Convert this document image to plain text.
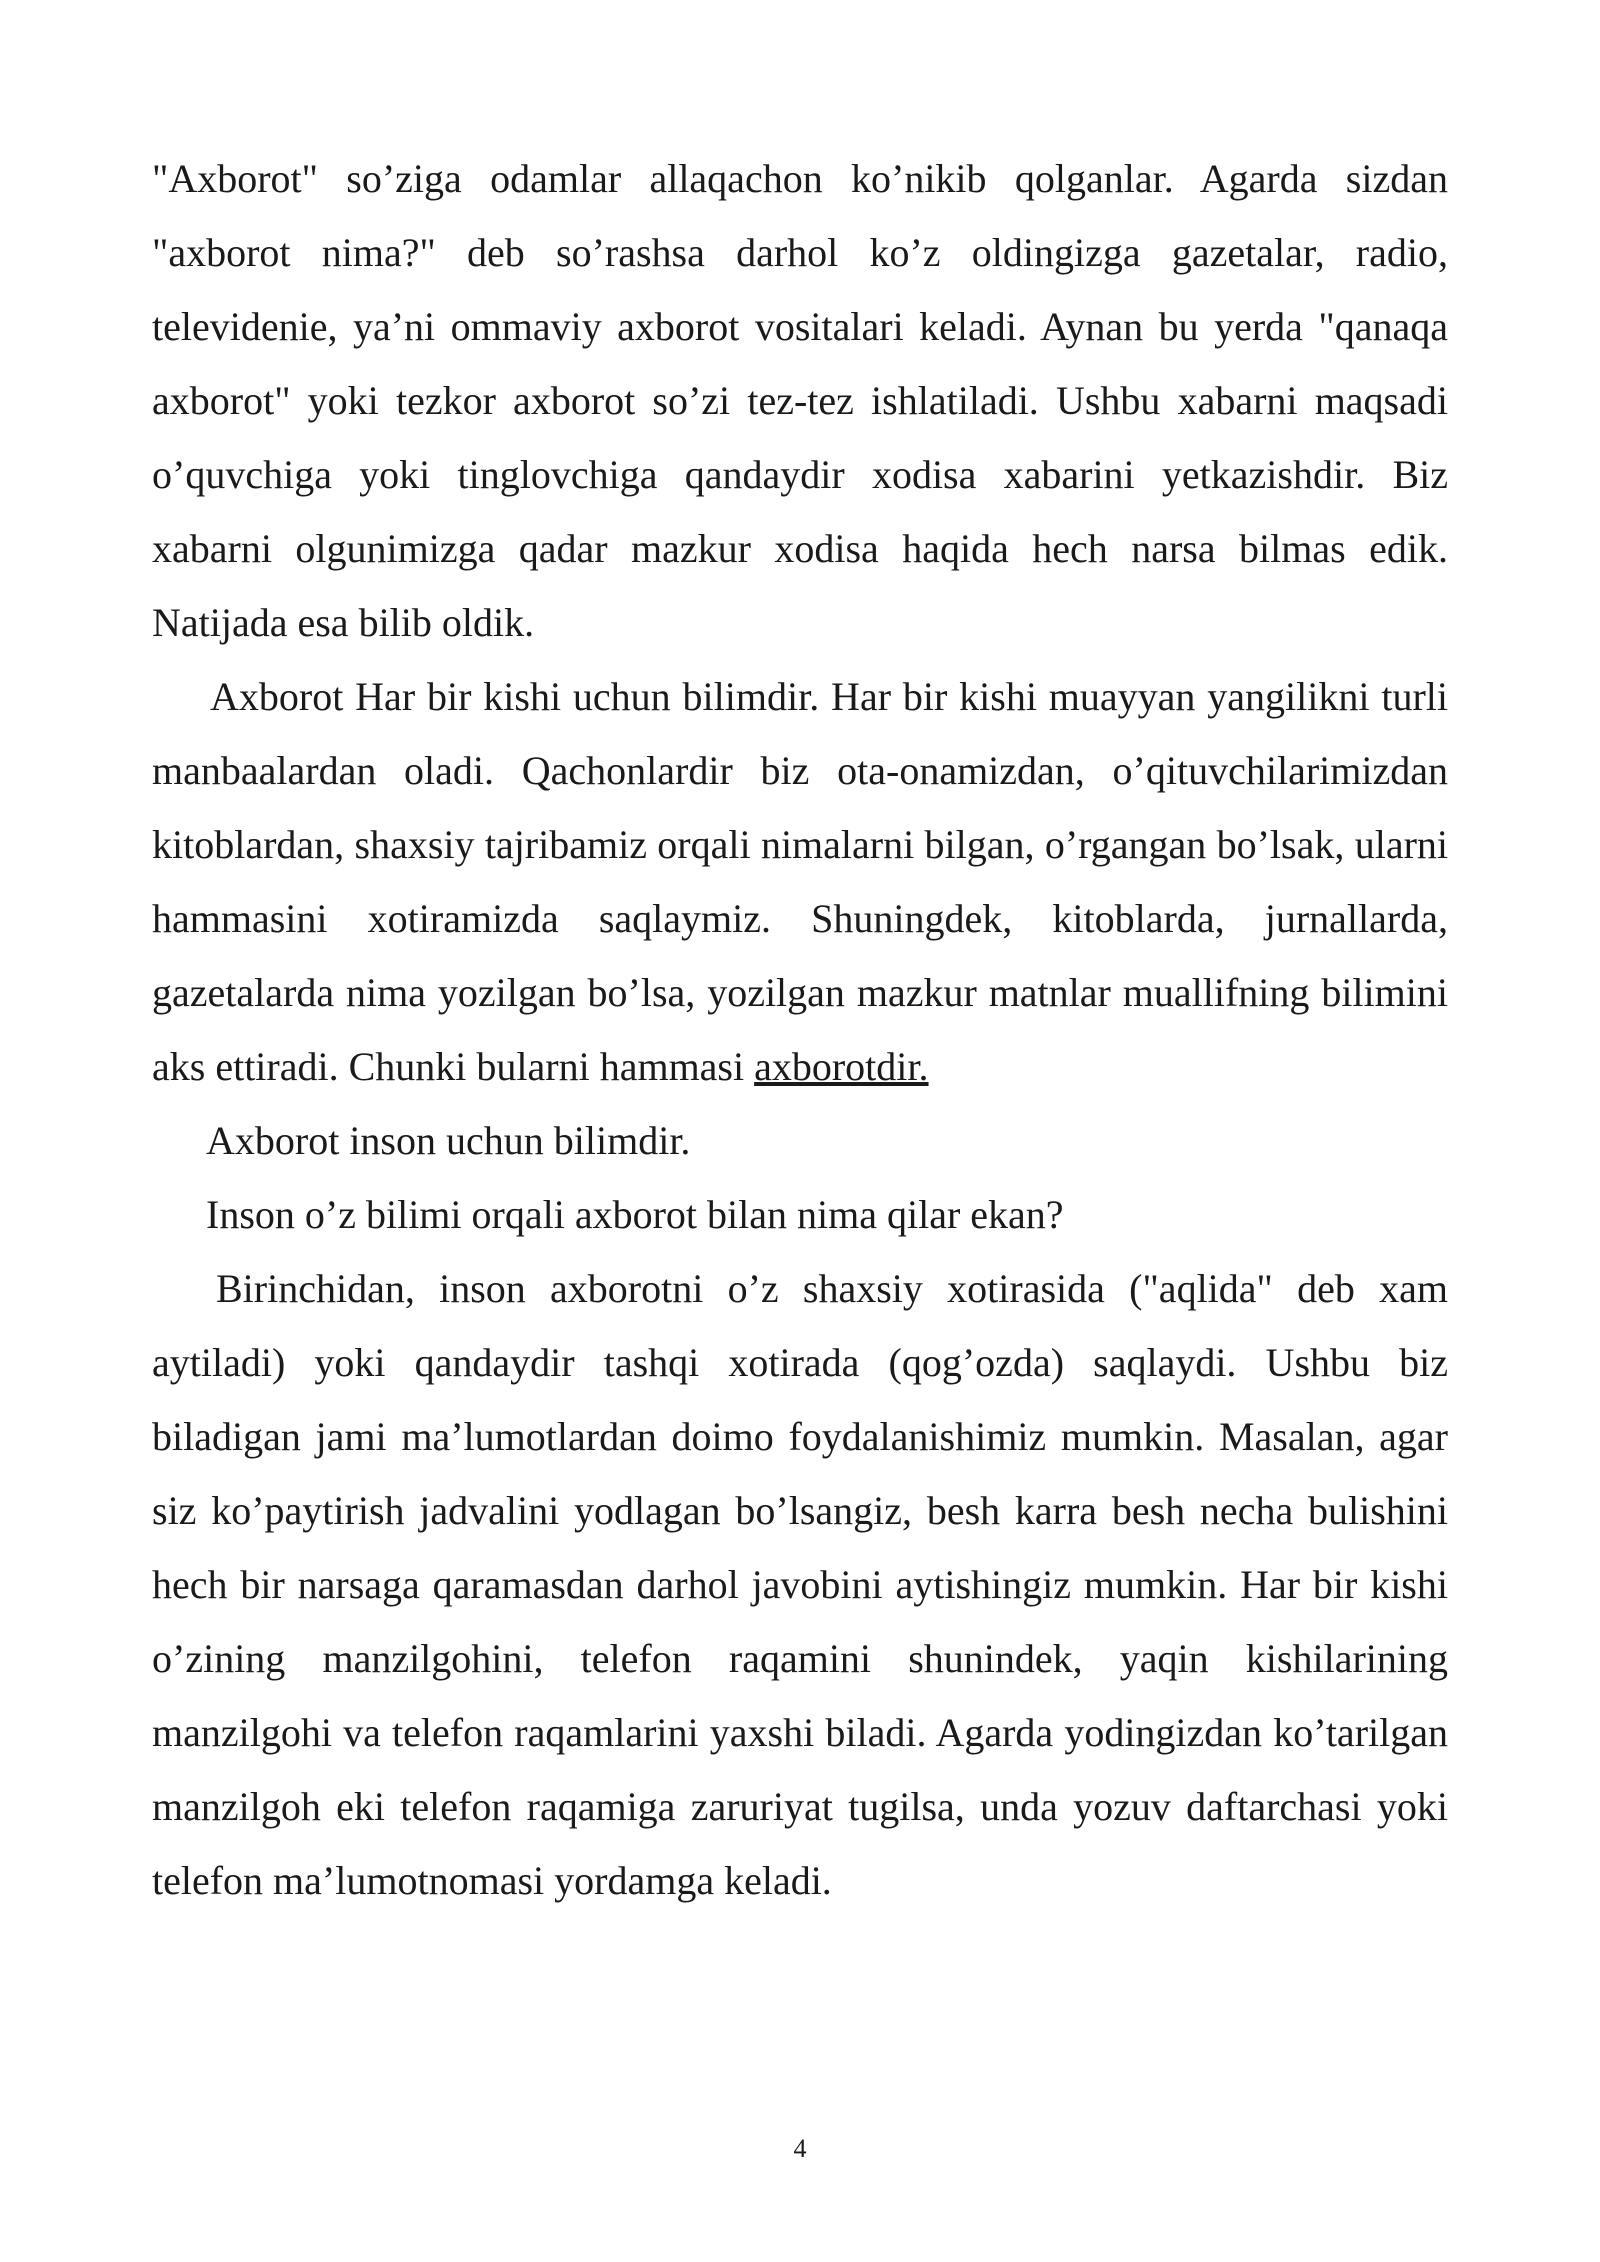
"Axborot" so’ziga odamlar allaqachon ko’nikib qolganlar. Agarda sizdan "axborot nima?" deb so’rashsa darhol ko’z oldingizga gazetalar, radio, televidenie, ya’ni ommaviy axborot vositalari keladi. Aynan bu yerda "qanaqa axborot" yoki tezkor axborot so’zi tez-tez ishlatiladi. Ushbu xabarni maqsadi o’quvchiga yoki tinglovchiga qandaydir xodisa xabarini yetkazishdir. Biz xabarni olgunimizga qadar mazkur xodisa haqida hech narsa bilmas edik. Natijada esa bilib oldik.

Axborot Har bir kishi uchun bilimdir. Har bir kishi muayyan yangilikni turli manbaalardan oladi. Qachonlardir biz ota-onamizdan, o’qituvchilarimizdan kitoblardan, shaxsiy tajribamiz orqali nimalarni bilgan, o’rgangan bo’lsak, ularni hammasini xotiramizda saqlaymiz. Shuningdek, kitoblarda, jurnallarda, gazetalarda nima yozilgan bo’lsa, yozilgan mazkur matnlar muallifning bilimini aks ettiradi. Chunki bularni hammasi axborotdir.

Axborot inson uchun bilimdir.

Inson o’z bilimi orqali axborot bilan nima qilar ekan?

Birinchidan, inson axborotni o’z shaxsiy xotirasida ("aqlida" deb xam aytiladi) yoki qandaydir tashqi xotirada (qog’ozda) saqlaydi. Ushbu biz biladigan jami ma’lumotlardan doimo foydalanishimiz mumkin. Masalan, agar siz ko’paytirish jadvalini yodlagan bo’lsangiz, besh karra besh necha bulishini hech bir narsaga qaramasdan darhol javobini aytishingiz mumkin. Har bir kishi o’zining manzilgohini, telefon raqamini shunindek, yaqin kishilarining manzilgohi va telefon raqamlarini yaxshi biladi. Agarda yodingizdan ko’tarilgan manzilgoh eki telefon raqamiga zaruriyat tugilsa, unda yozuv daftarchasi yoki telefon ma’lumotnomasi yordamga keladi.

4
